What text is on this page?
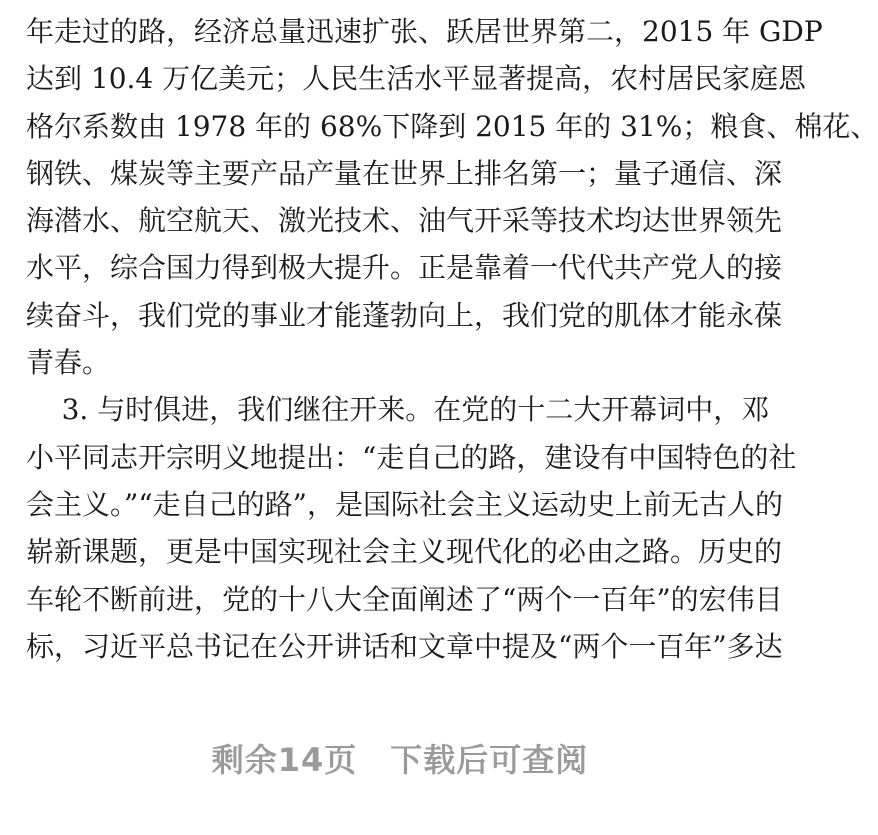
年走过的路，经济总量迅速扩张、跃居世界第二，2015 年 GDP
达到 10.4 万亿美元；人民生活水平显著提高，农村居民家庭恩
格尔系数由 1978 年的 68%下降到 2015 年的 31%；粮食、棉花、
钢铁、煤炭等主要产品产量在世界上排名第一；量子通信、深
海潜水、航空航天、激光技术、油气开采等技术均达世界领先
水平，综合国力得到极大提升。正是靠着一代代共产党人的接
续奋斗，我们党的事业才能蓬勃向上，我们党的肌体才能永葆
青春。
3. 与时俱进，我们继往开来。在党的十二大开幕词中，邓
小平同志开宗明义地提出：“走自己的路，建设有中国特色的社
会主义。”“走自己的路”，是国际社会主义运动史上前无古人的
崭新课题，更是中国实现社会主义现代化的必由之路。历史的
车轮不断前进，党的十八大全面阐述了“两个一百年”的宏伟目
标，习近平总书记在公开讲话和文章中提及“两个一百年”多达
剩余14页　下载后可查阅
